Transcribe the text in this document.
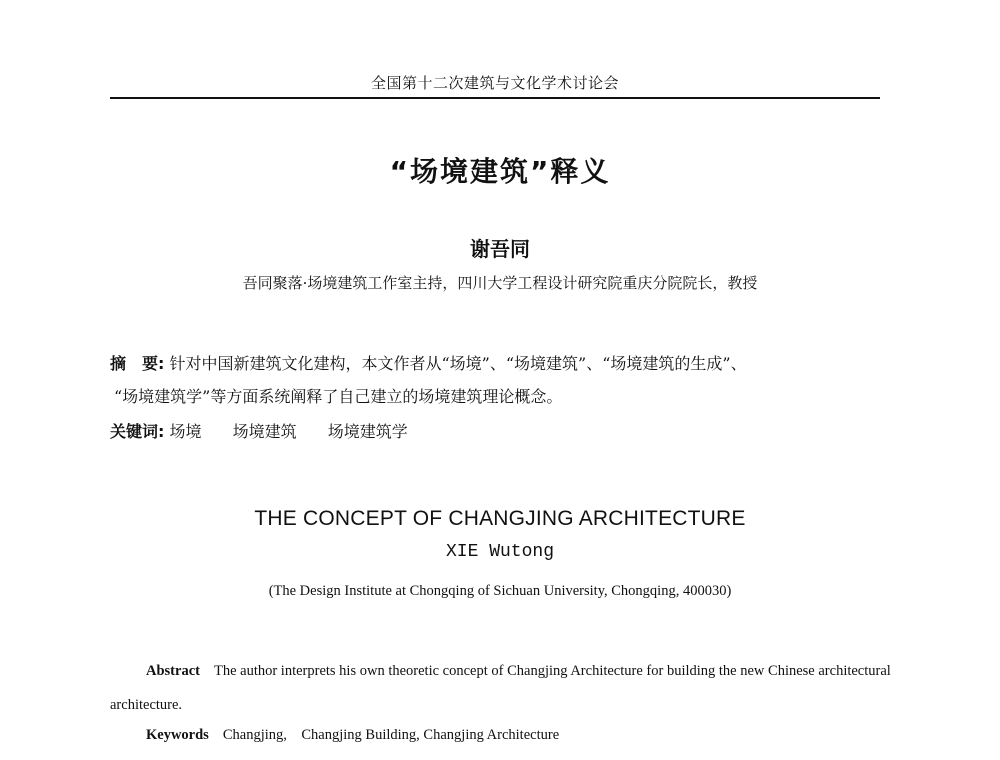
全国第十二次建筑与文化学术讨论会
“场境建筑”释义
谢吾同
吾同聚落·场境建筑工作室主持，四川大学工程设计研究院重庆分院院长，教授
摘　要: 针对中国新建筑文化建构，本文作者从“场境”、“场境建筑”、“场境建筑的生成”、
“场境建筑学”等方面系统阐释了自己建立的场境建筑理论概念。
关键词: 场境 场境建筑 场境建筑学
THE CONCEPT OF CHANGJING ARCHITECTURE
XIE Wutong
(The Design Institute at Chongqing of Sichuan University, Chongqing, 400030)
Abstract The author interprets his own theoretic concept of Changjing Architecture for building the new Chinese architectural architecture.
Keywords Changjing,　Changjing Building, Changjing Architecture
